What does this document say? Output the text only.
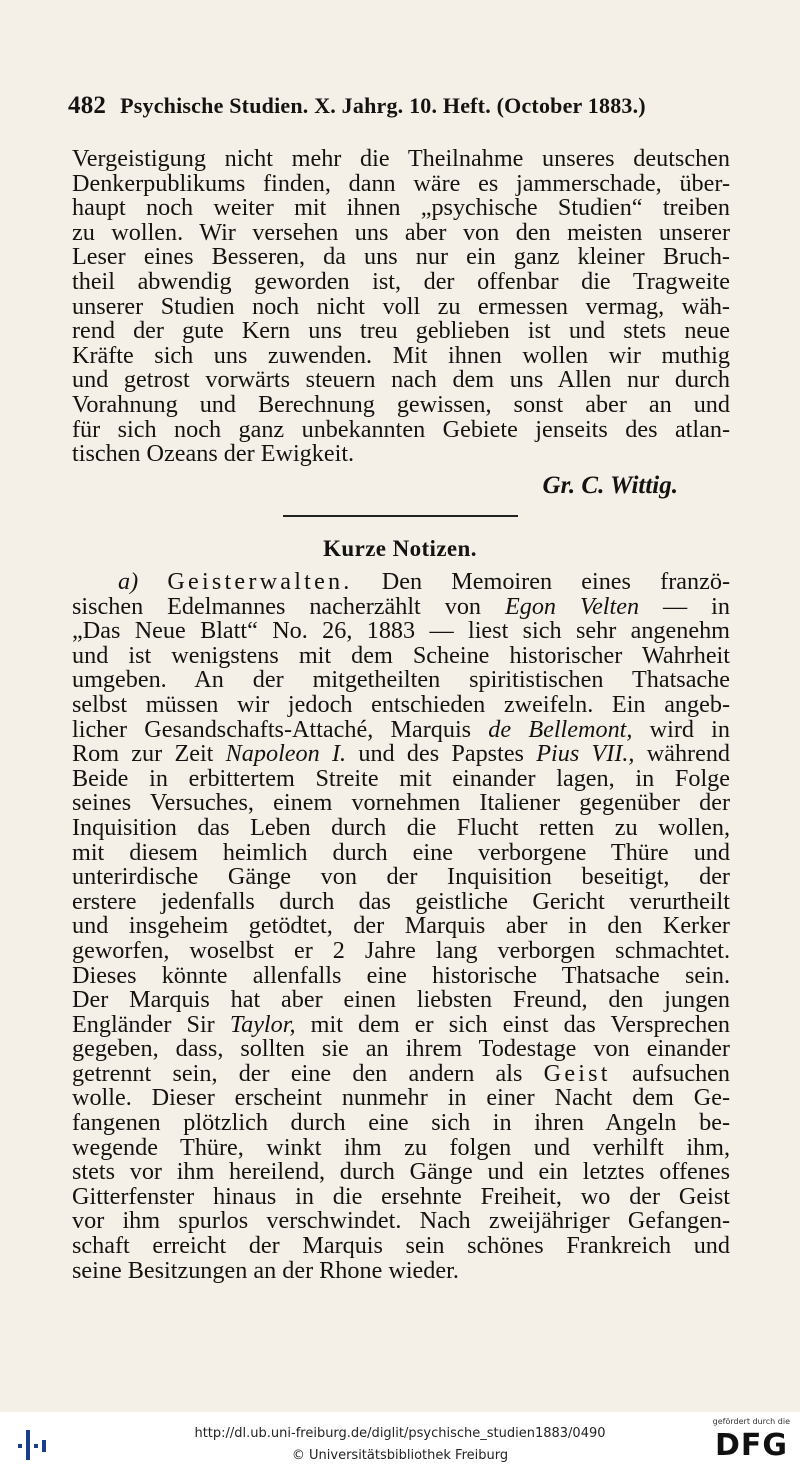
482 Psychische Studien. X. Jahrg. 10. Heft. (October 1883.)
Vergeistigung nicht mehr die Theilnahme unseres deutschen
Denkerpublikums finden, dann wäre es jammerschade, über-
haupt noch weiter mit ihnen „psychische Studien“ treiben
zu wollen. Wir versehen uns aber von den meisten unserer
Leser eines Besseren, da uns nur ein ganz kleiner Bruch-
theil abwendig geworden ist, der offenbar die Tragweite
unserer Studien noch nicht voll zu ermessen vermag, wäh-
rend der gute Kern uns treu geblieben ist und stets neue
Kräfte sich uns zuwenden. Mit ihnen wollen wir muthig
und getrost vorwärts steuern nach dem uns Allen nur durch
Vorahnung und Berechnung gewissen, sonst aber an und
für sich noch ganz unbekannten Gebiete jenseits des atlan-
tischen Ozeans der Ewigkeit.
Gr. C. Wittig.
Kurze Notizen.
a) Geisterwalten. Den Memoiren eines franzö-
sischen Edelmannes nacherzählt von Egon Velten — in
„Das Neue Blatt“ No. 26, 1883 — liest sich sehr angenehm
und ist wenigstens mit dem Scheine historischer Wahrheit
umgeben. An der mitgetheilten spiritistischen Thatsache
selbst müssen wir jedoch entschieden zweifeln. Ein angeb-
licher Gesandschafts-Attaché, Marquis de Bellemont, wird in
Rom zur Zeit Napoleon I. und des Papstes Pius VII., während
Beide in erbittertem Streite mit einander lagen, in Folge
seines Versuches, einem vornehmen Italiener gegenüber der
Inquisition das Leben durch die Flucht retten zu wollen,
mit diesem heimlich durch eine verborgene Thüre und
unterirdische Gänge von der Inquisition beseitigt, der
erstere jedenfalls durch das geistliche Gericht verurtheilt
und insgeheim getödtet, der Marquis aber in den Kerker
geworfen, woselbst er 2 Jahre lang verborgen schmachtet.
Dieses könnte allenfalls eine historische Thatsache sein.
Der Marquis hat aber einen liebsten Freund, den jungen
Engländer Sir Taylor, mit dem er sich einst das Versprechen
gegeben, dass, sollten sie an ihrem Todestage von einander
getrennt sein, der eine den andern als Geist aufsuchen
wolle. Dieser erscheint nunmehr in einer Nacht dem Ge-
fangenen plötzlich durch eine sich in ihren Angeln be-
wegende Thüre, winkt ihm zu folgen und verhilft ihm,
stets vor ihm hereilend, durch Gänge und ein letztes offenes
Gitterfenster hinaus in die ersehnte Freiheit, wo der Geist
vor ihm spurlos verschwindet. Nach zweijähriger Gefangen-
schaft erreicht der Marquis sein schönes Frankreich und
seine Besitzungen an der Rhone wieder.
http://dl.ub.uni-freiburg.de/diglit/psychische_studien1883/0490
© Universitätsbibliothek Freiburg
gefördert durch die
DFG
